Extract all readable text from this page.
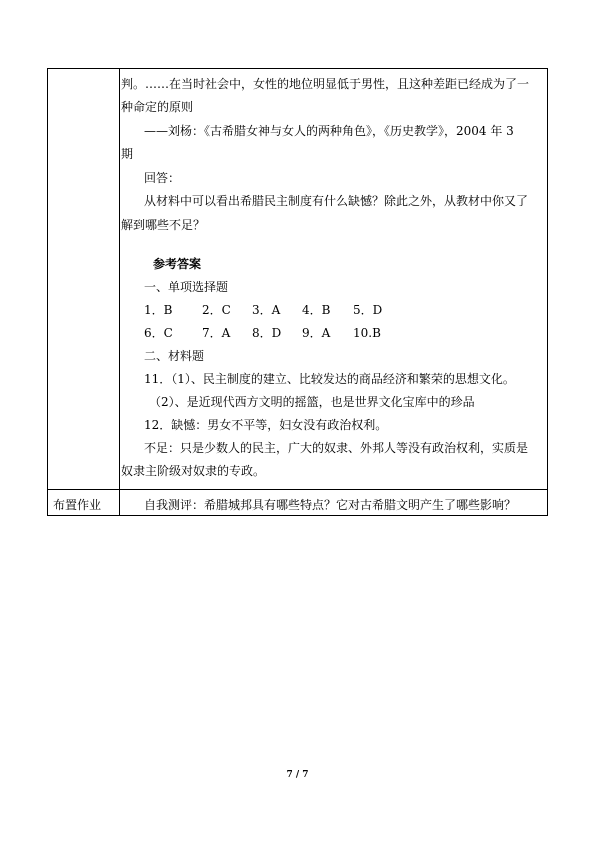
判。……在当时社会中，女性的地位明显低于男性，且这种差距已经成为了一
种命定的原则
——刘杨：《古希腊女神与女人的两种角色》，《历史教学》，2004 年 3
期
回答：
从材料中可以看出希腊民主制度有什么缺憾？除此之外，从教材中你又了
解到哪些不足？
参考答案
一、单项选择题
1．B 2．C 3．A 4．B 5．D
6．C 7．A 8．D 9．A 10.B
二、材料题
11．（1）、民主制度的建立、比较发达的商品经济和繁荣的思想文化。
（2）、是近现代西方文明的摇篮，也是世界文化宝库中的珍品
12．缺憾：男女不平等，妇女没有政治权利。
不足：只是少数人的民主，广大的奴隶、外邦人等没有政治权利，实质是
奴隶主阶级对奴隶的专政。
布置作业	自我测评：希腊城邦具有哪些特点？它对古希腊文明产生了哪些影响？
7 / 7
